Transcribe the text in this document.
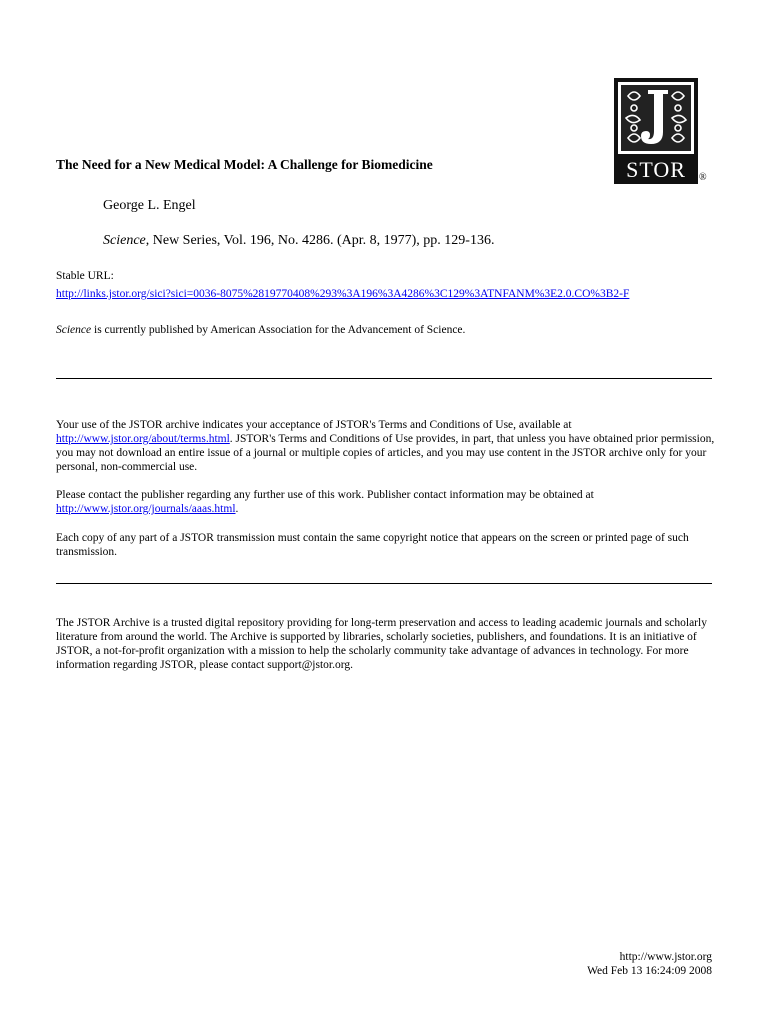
STOR ®
The Need for a New Medical Model: A Challenge for Biomedicine
George L. Engel
Science, New Series, Vol. 196, No. 4286. (Apr. 8, 1977), pp. 129-136.
Stable URL:
http://links.jstor.org/sici?sici=0036-8075%2819770408%293%3A196%3A4286%3C129%3ATNFANM%3E2.0.CO%3B2-F
Science is currently published by American Association for the Advancement of Science.
Your use of the JSTOR archive indicates your acceptance of JSTOR's Terms and Conditions of Use, available at
http://www.jstor.org/about/terms.html. JSTOR's Terms and Conditions of Use provides, in part, that unless you have obtained prior permission, you may not download an entire issue of a journal or multiple copies of articles, and you may use content in the JSTOR archive only for your personal, non-commercial use.
Please contact the publisher regarding any further use of this work. Publisher contact information may be obtained at
http://www.jstor.org/journals/aaas.html.
Each copy of any part of a JSTOR transmission must contain the same copyright notice that appears on the screen or printed page of such transmission.
The JSTOR Archive is a trusted digital repository providing for long-term preservation and access to leading academic journals and scholarly literature from around the world. The Archive is supported by libraries, scholarly societies, publishers, and foundations. It is an initiative of JSTOR, a not-for-profit organization with a mission to help the scholarly community take advantage of advances in technology. For more information regarding JSTOR, please contact support@jstor.org.
http://www.jstor.org
Wed Feb 13 16:24:09 2008
